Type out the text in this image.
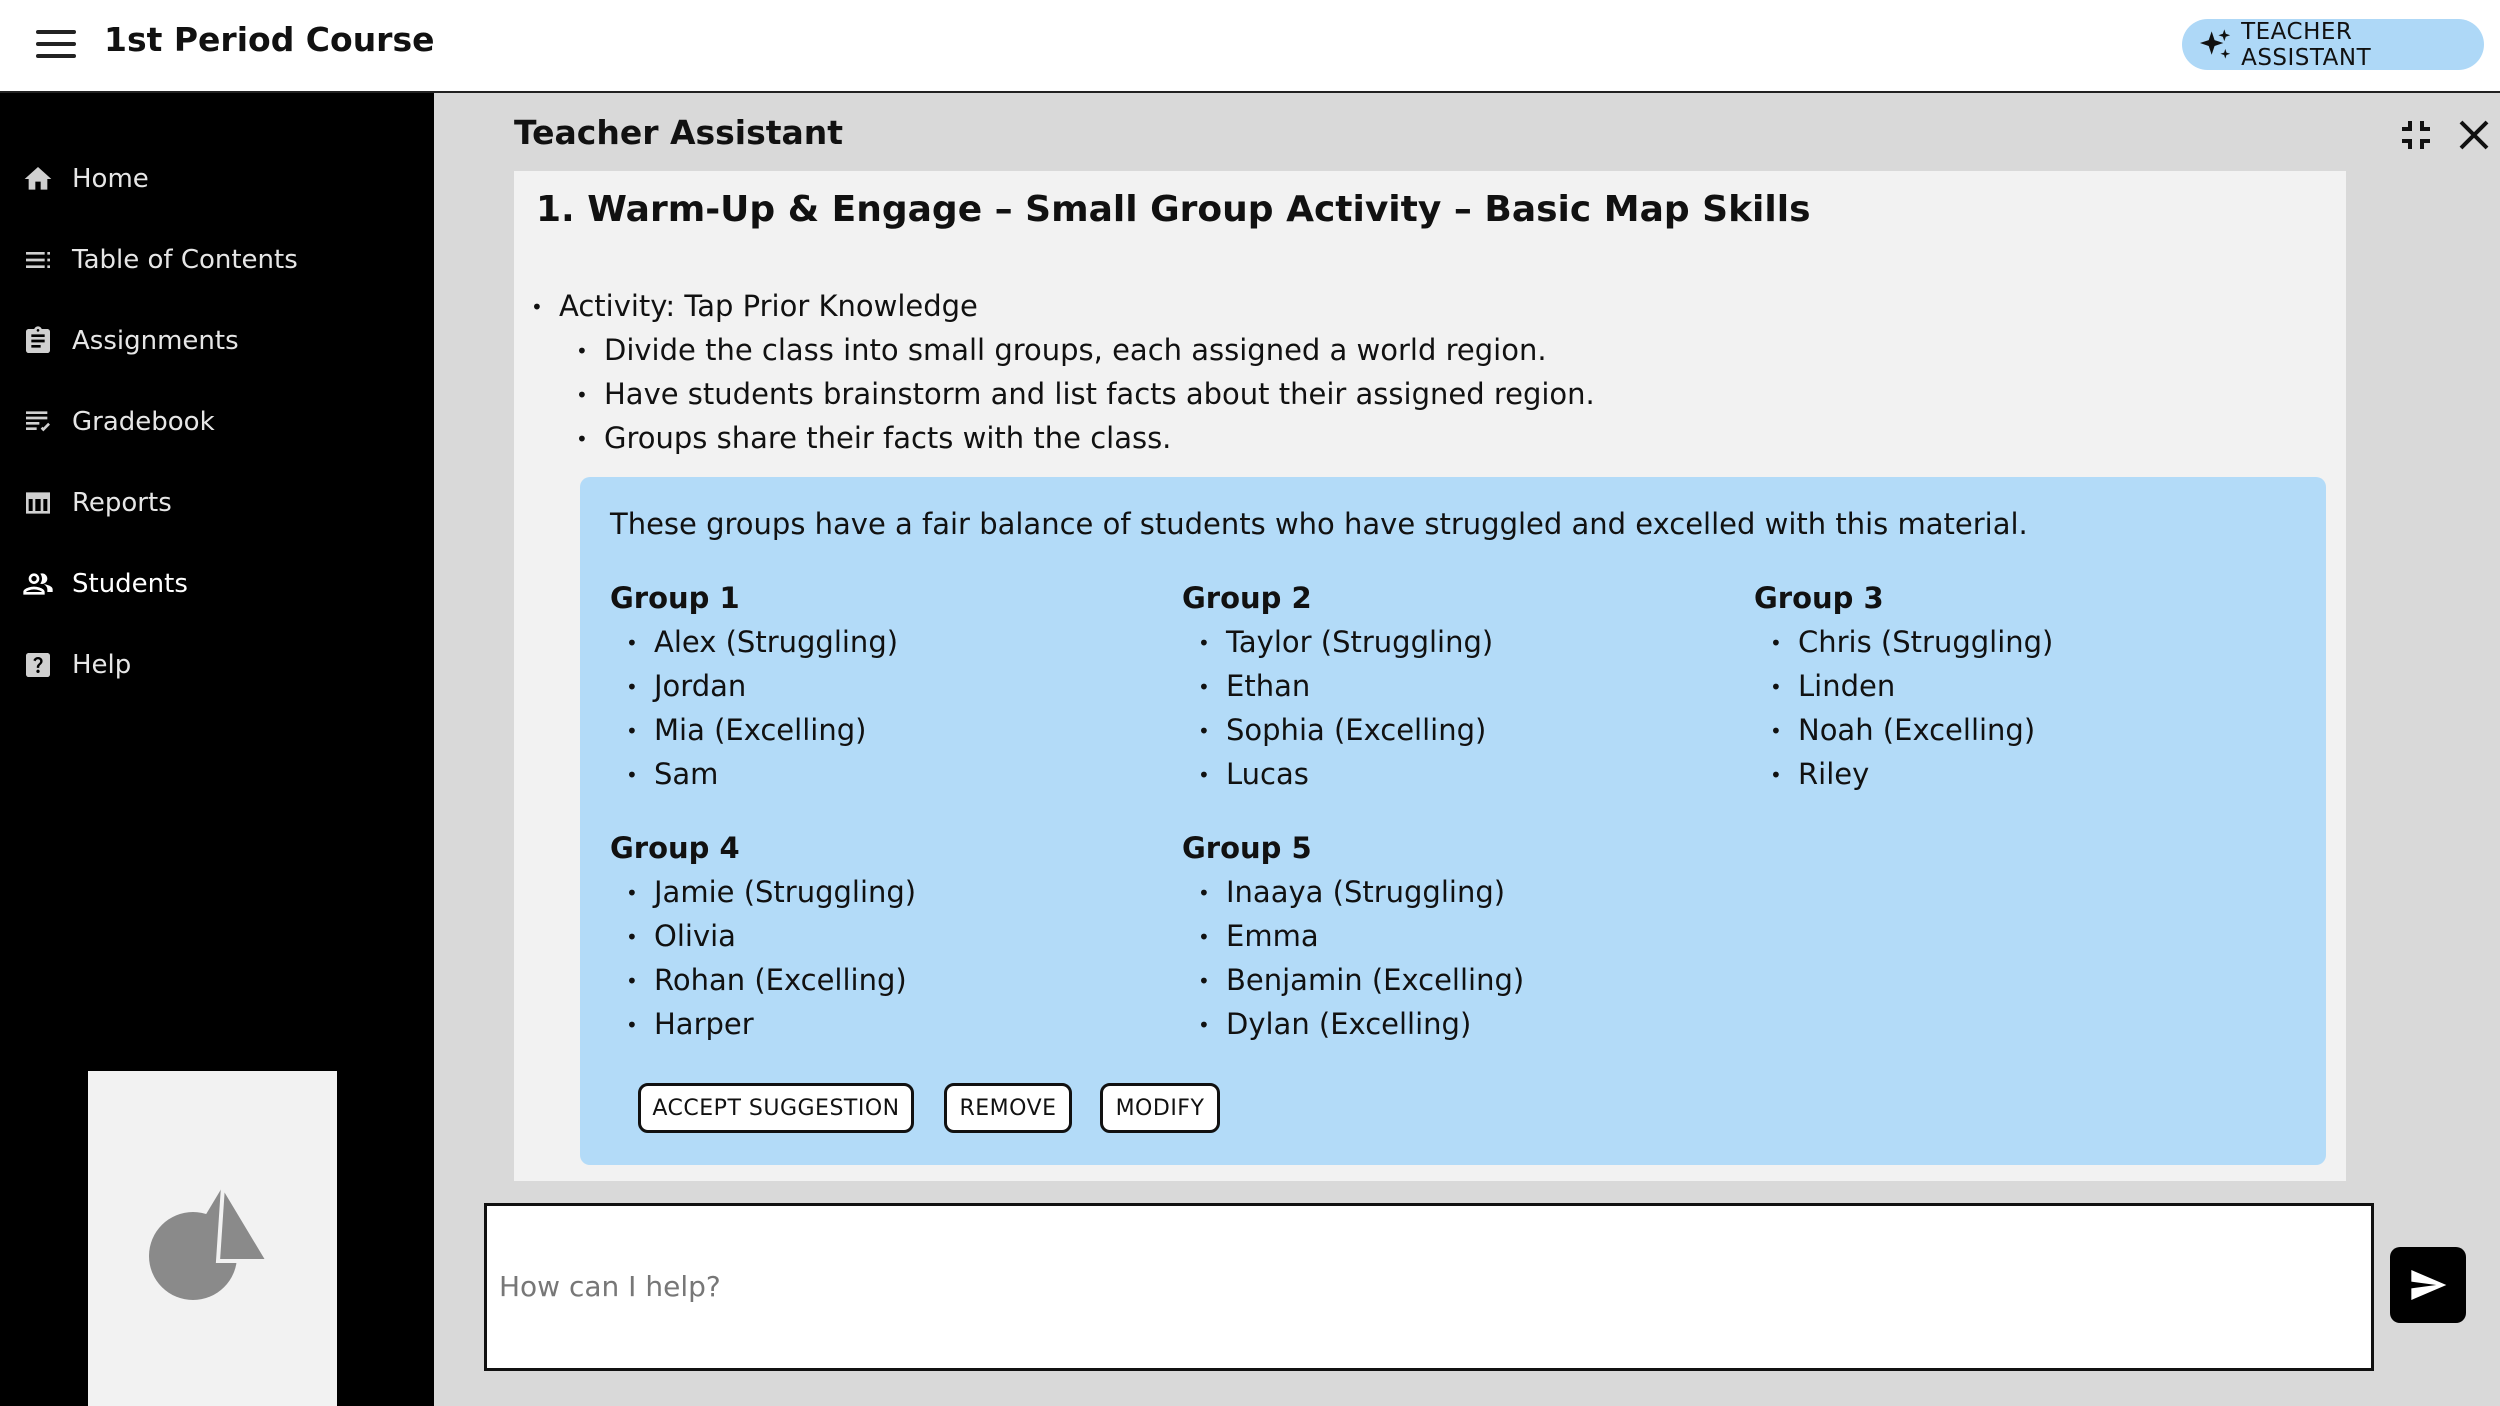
1st Period Course	TEACHER ASSISTANT
Home
Table of Contents
Assignments
Gradebook
Reports
Students
Help
Teacher Assistant
1. Warm-Up & Engage – Small Group Activity – Basic Map Skills
• Activity: Tap Prior Knowledge
• Divide the class into small groups, each assigned a world region.
• Have students brainstorm and list facts about their assigned region.
• Groups share their facts with the class.
These groups have a fair balance of students who have struggled and excelled with this material.
Group 1
• Alex (Struggling)
• Jordan
• Mia (Excelling)
• Sam
Group 2
• Taylor (Struggling)
• Ethan
• Sophia (Excelling)
• Lucas
Group 3
• Chris (Struggling)
• Linden
• Noah (Excelling)
• Riley
Group 4
• Jamie (Struggling)
• Olivia
• Rohan (Excelling)
• Harper
Group 5
• Inaaya (Struggling)
• Emma
• Benjamin (Excelling)
• Dylan (Excelling)
ACCEPT SUGGESTION	REMOVE	MODIFY
How can I help?
